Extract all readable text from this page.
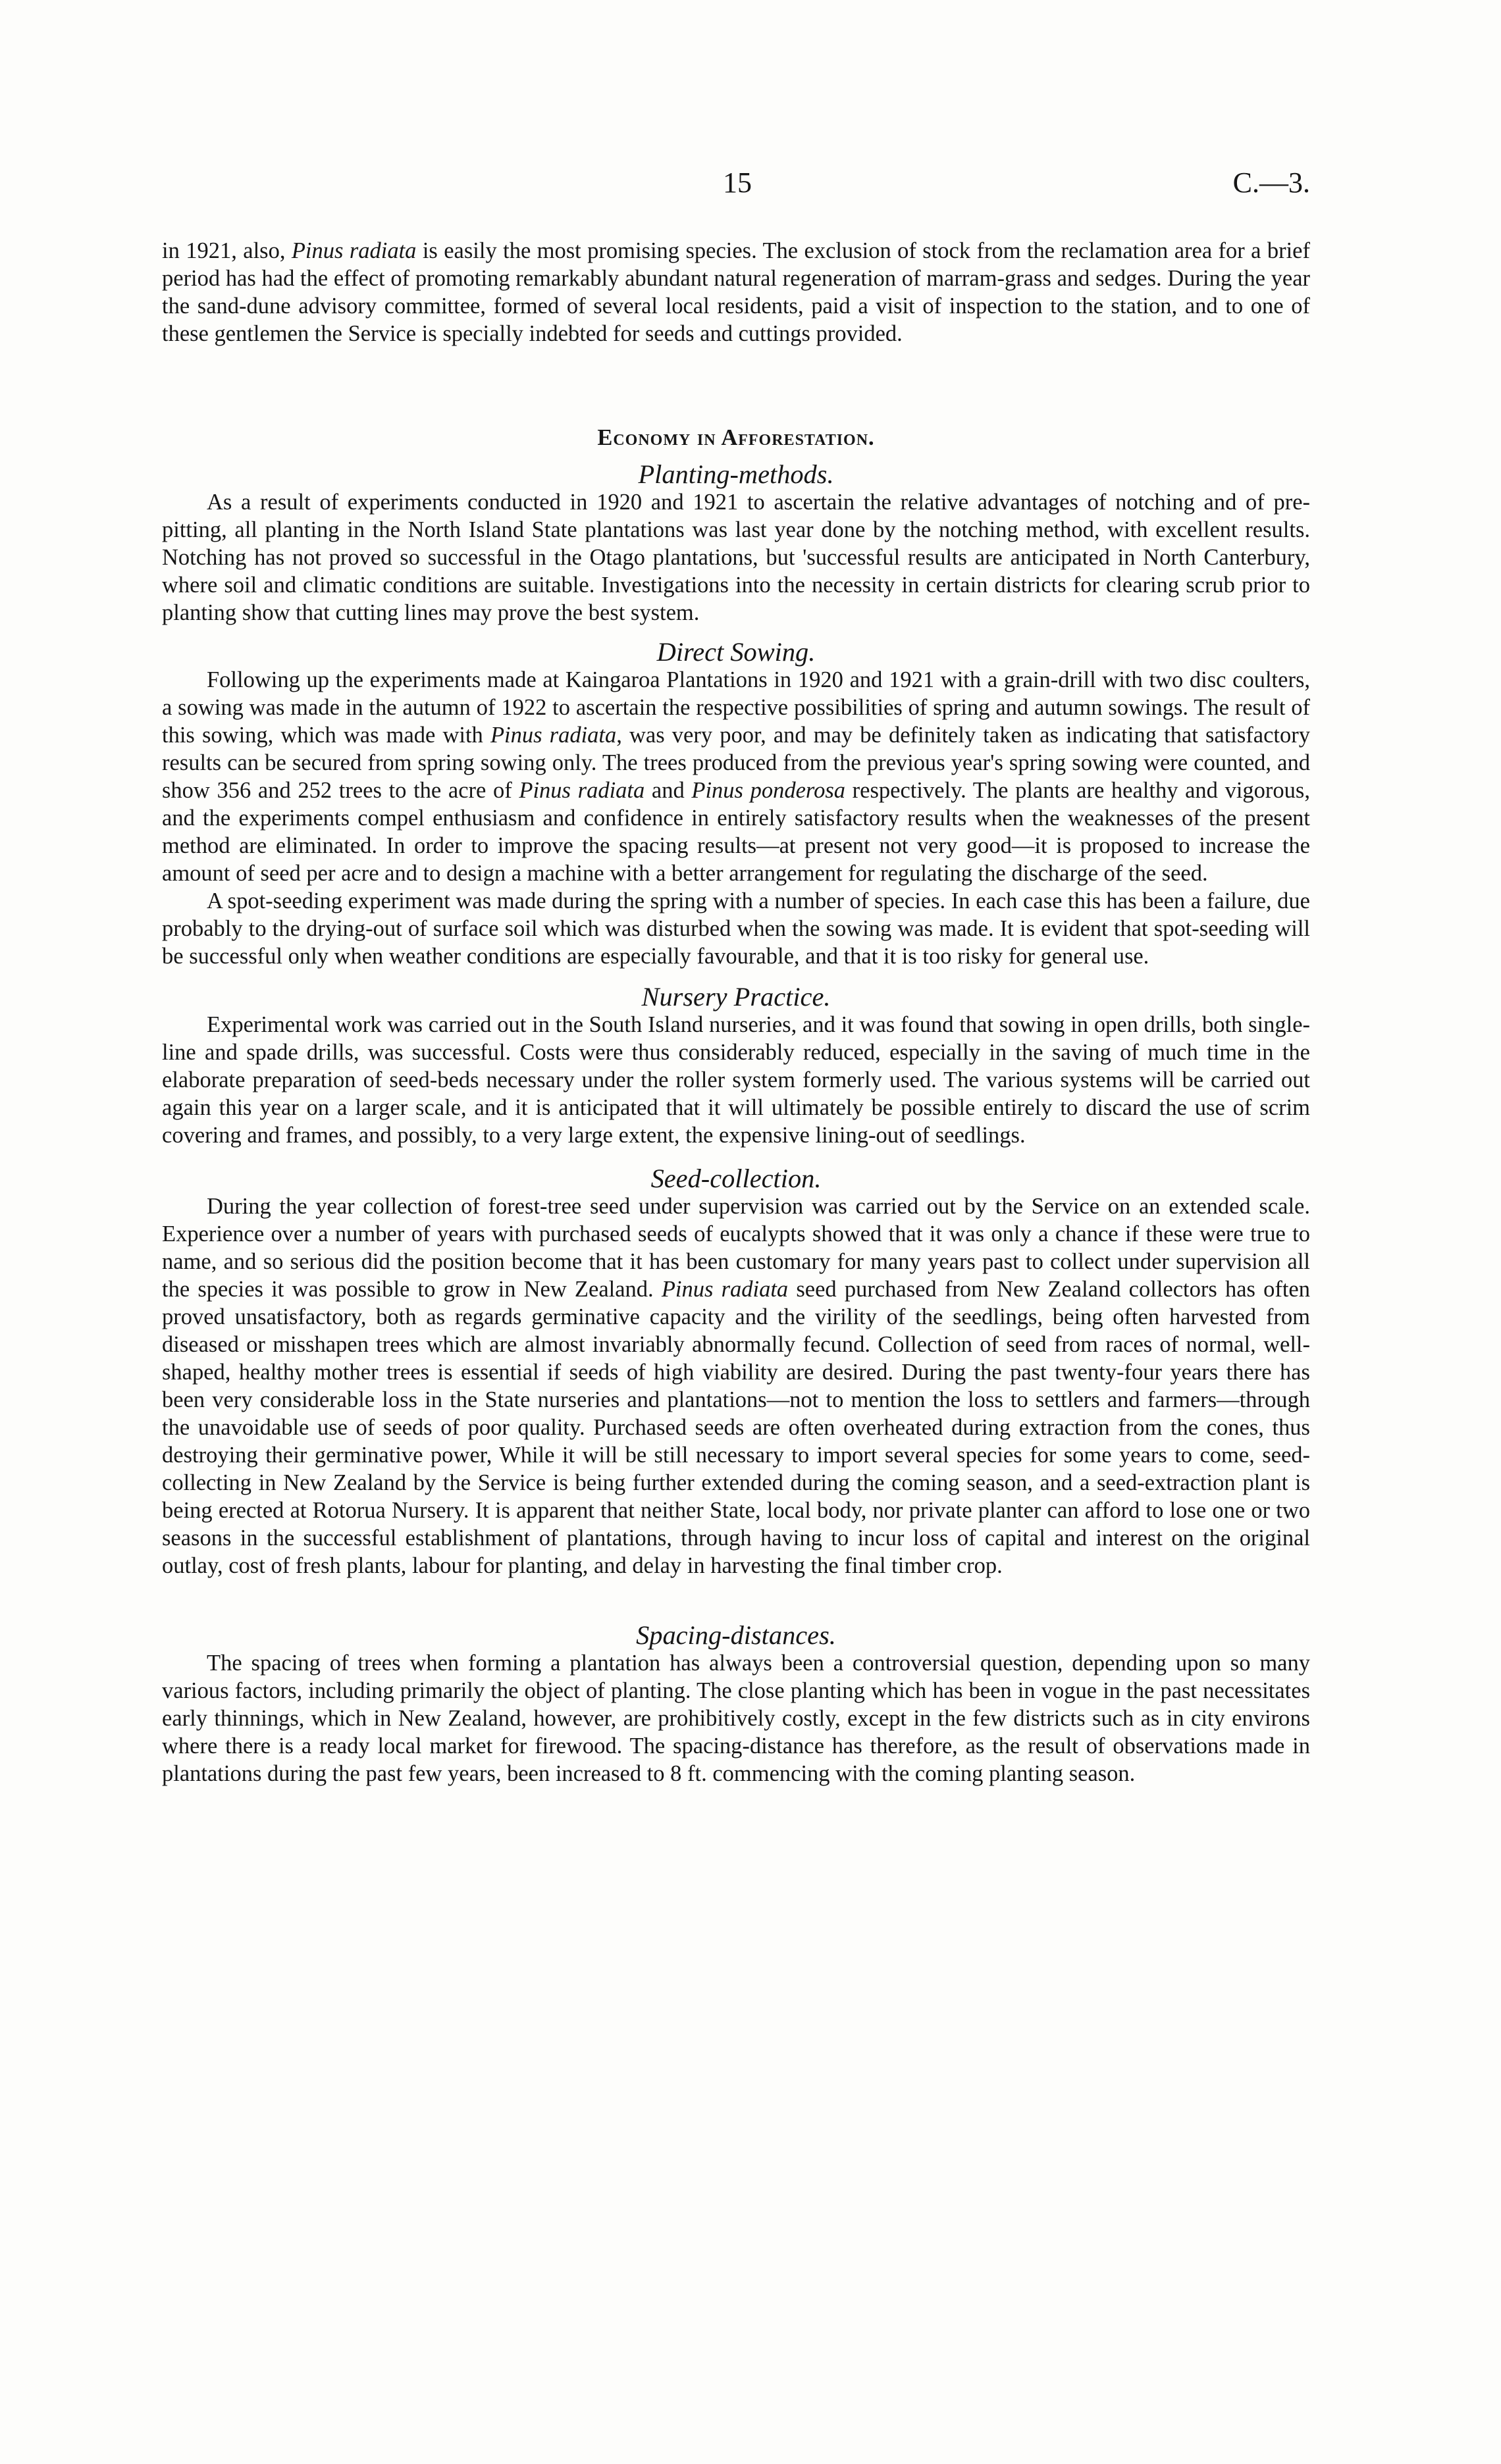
15	C.—3.

in 1921, also, Pinus radiata is easily the most promising species. The exclusion of stock from the reclamation area for a brief period has had the effect of promoting remarkably abundant natural regeneration of marram-grass and sedges. During the year the sand-dune advisory committee, formed of several local residents, paid a visit of inspection to the station, and to one of these gentlemen the Service is specially indebted for seeds and cuttings provided.

Economy in Afforestation.
Planting-methods.

As a result of experiments conducted in 1920 and 1921 to ascertain the relative advantages of notching and of pre-pitting, all planting in the North Island State plantations was last year done by the notching method, with excellent results. Notching has not proved so successful in the Otago plantations, but 'successful results are anticipated in North Canterbury, where soil and climatic conditions are suitable. Investigations into the necessity in certain districts for clearing scrub prior to planting show that cutting lines may prove the best system.

Direct Sowing.

Following up the experiments made at Kaingaroa Plantations in 1920 and 1921 with a grain-drill with two disc coulters, a sowing was made in the autumn of 1922 to ascertain the respective possibilities of spring and autumn sowings. The result of this sowing, which was made with Pinus radiata, was very poor, and may be definitely taken as indicating that satisfactory results can be secured from spring sowing only. The trees produced from the previous year's spring sowing were counted, and show 356 and 252 trees to the acre of Pinus radiata and Pinus ponderosa respectively. The plants are healthy and vigorous, and the experiments compel enthusiasm and confidence in entirely satisfactory results when the weaknesses of the present method are eliminated. In order to improve the spacing results—at present not very good—it is proposed to increase the amount of seed per acre and to design a machine with a better arrangement for regulating the discharge of the seed.

A spot-seeding experiment was made during the spring with a number of species. In each case this has been a failure, due probably to the drying-out of surface soil which was disturbed when the sowing was made. It is evident that spot-seeding will be successful only when weather conditions are especially favourable, and that it is too risky for general use.

Nursery Practice.

Experimental work was carried out in the South Island nurseries, and it was found that sowing in open drills, both single-line and spade drills, was successful. Costs were thus considerably reduced, especially in the saving of much time in the elaborate preparation of seed-beds necessary under the roller system formerly used. The various systems will be carried out again this year on a larger scale, and it is anticipated that it will ultimately be possible entirely to discard the use of scrim covering and frames, and possibly, to a very large extent, the expensive lining-out of seedlings.

Seed-collection.

During the year collection of forest-tree seed under supervision was carried out by the Service on an extended scale. Experience over a number of years with purchased seeds of eucalypts showed that it was only a chance if these were true to name, and so serious did the position become that it has been customary for many years past to collect under supervision all the species it was possible to grow in New Zealand. Pinus radiata seed purchased from New Zealand collectors has often proved unsatisfactory, both as regards germinative capacity and the virility of the seedlings, being often harvested from diseased or misshapen trees which are almost invariably abnormally fecund. Collection of seed from races of normal, well-shaped, healthy mother trees is essential if seeds of high viability are desired. During the past twenty-four years there has been very considerable loss in the State nurseries and plantations—not to mention the loss to settlers and farmers—through the unavoidable use of seeds of poor quality. Purchased seeds are often overheated during extraction from the cones, thus destroying their germinative power, While it will be still necessary to import several species for some years to come, seed-collecting in New Zealand by the Service is being further extended during the coming season, and a seed-extraction plant is being erected at Rotorua Nursery. It is apparent that neither State, local body, nor private planter can afford to lose one or two seasons in the successful establishment of plantations, through having to incur loss of capital and interest on the original outlay, cost of fresh plants, labour for planting, and delay in harvesting the final timber crop.

Spacing-distances.

The spacing of trees when forming a plantation has always been a controversial question, depending upon so many various factors, including primarily the object of planting. The close planting which has been in vogue in the past necessitates early thinnings, which in New Zealand, however, are prohibitively costly, except in the few districts such as in city environs where there is a ready local market for firewood. The spacing-distance has therefore, as the result of observations made in plantations during the past few years, been increased to 8 ft. commencing with the coming planting season.
